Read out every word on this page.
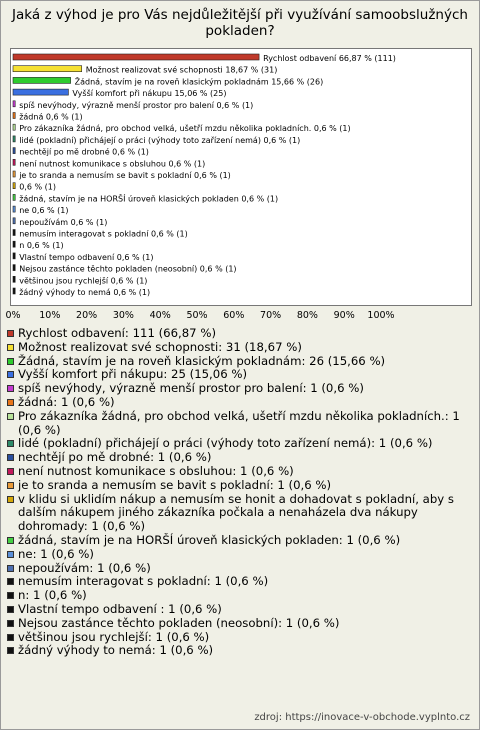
Jaká z výhod je pro Vás nejdůležitější při využívání samoobslužných pokladen?
Rychlost odbavení 66,87 % (111)
Možnost realizovat své schopnosti 18,67 % (31)
Žádná, stavím je na roveň klasickým pokladnám 15,66 % (26)
Vyšší komfort při nákupu 15,06 % (25)
spíš nevýhody, výrazně menší prostor pro balení 0,6 % (1)
žádná 0,6 % (1)
Pro zákazníka žádná, pro obchod velká, ušetří mzdu několika pokladních. 0,6 % (1)
lidé (pokladní) přichájejí o práci (výhody toto zařízení nemá) 0,6 % (1)
nechtějí po mě drobné 0,6 % (1)
není nutnost komunikace s obsluhou 0,6 % (1)
je to sranda a nemusím se bavit s pokladní 0,6 % (1)
0,6 % (1)
žádná, stavím je na HORŠÍ úroveň klasických pokladen 0,6 % (1)
ne 0,6 % (1)
nepoužívám 0,6 % (1)
nemusím interagovat s pokladní 0,6 % (1)
n 0,6 % (1)
Vlastní tempo odbavení 0,6 % (1)
Nejsou zastánce těchto pokladen (neosobní) 0,6 % (1)
většinou jsou rychlejší 0,6 % (1)
žádný výhody to nemá 0,6 % (1)
0% 10% 20% 30% 40% 50% 60% 70% 80% 90% 100%
Rychlost odbavení: 111 (66,87 %)
Možnost realizovat své schopnosti: 31 (18,67 %)
Žádná, stavím je na roveň klasickým pokladnám: 26 (15,66 %)
Vyšší komfort při nákupu: 25 (15,06 %)
spíš nevýhody, výrazně menší prostor pro balení: 1 (0,6 %)
žádná: 1 (0,6 %)
Pro zákazníka žádná, pro obchod velká, ušetří mzdu několika pokladních.: 1 (0,6 %)
lidé (pokladní) přichájejí o práci (výhody toto zařízení nemá): 1 (0,6 %)
nechtějí po mě drobné: 1 (0,6 %)
není nutnost komunikace s obsluhou: 1 (0,6 %)
je to sranda a nemusím se bavit s pokladní: 1 (0,6 %)
v klidu si uklidím nákup a nemusím se honit a dohadovat s pokladní, aby s dalším nákupem jiného zákazníka počkala a nenaházela dva nákupy dohromady: 1 (0,6 %)
žádná, stavím je na HORŠÍ úroveň klasických pokladen: 1 (0,6 %)
ne: 1 (0,6 %)
nepoužívám: 1 (0,6 %)
nemusím interagovat s pokladní: 1 (0,6 %)
n: 1 (0,6 %)
Vlastní tempo odbavení : 1 (0,6 %)
Nejsou zastánce těchto pokladen (neosobní): 1 (0,6 %)
většinou jsou rychlejší: 1 (0,6 %)
žádný výhody to nemá: 1 (0,6 %)
zdroj: https://inovace-v-obchode.vyplnto.cz
